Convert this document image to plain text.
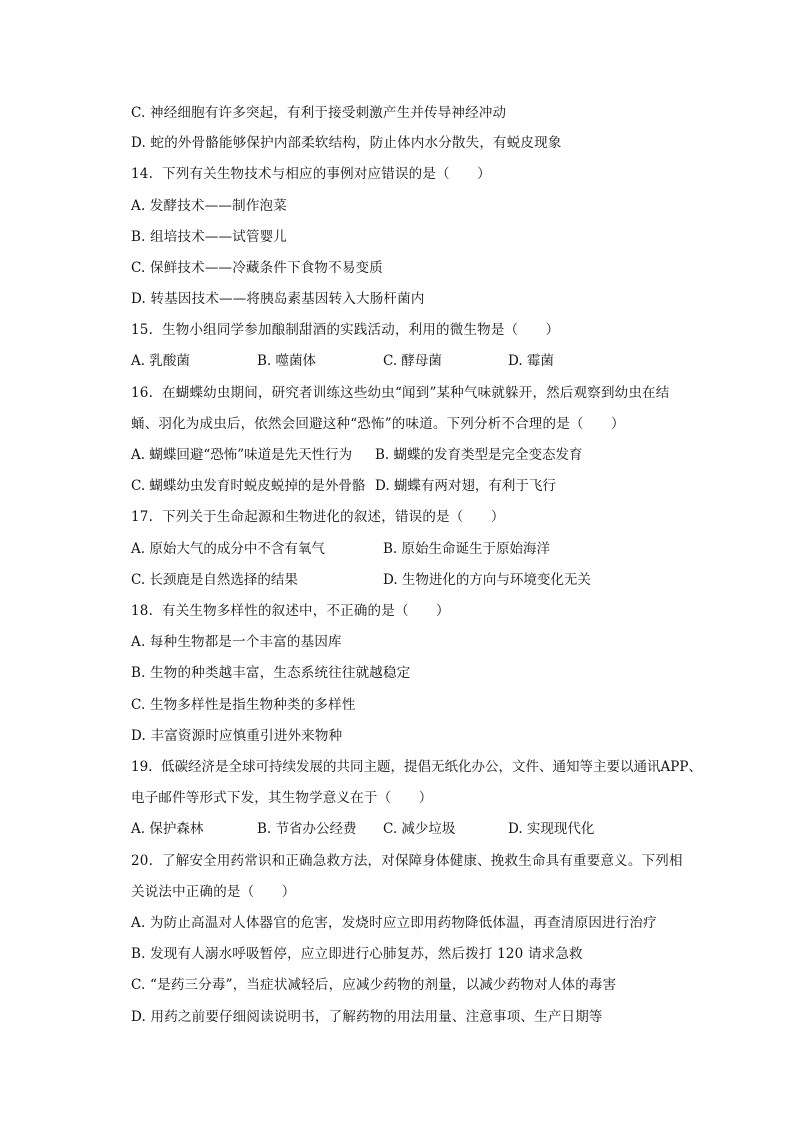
C. 神经细胞有许多突起，有利于接受刺激产生并传导神经冲动
D. 蛇的外骨骼能够保护内部柔软结构，防止体内水分散失，有蜕皮现象
14.  下列有关生物技术与相应的事例对应错误的是（　　）
A. 发酵技术——制作泡菜
B. 组培技术——试管婴儿
C. 保鲜技术——冷藏条件下食物不易变质
D. 转基因技术——将胰岛素基因转入大肠杆菌内
15.  生物小组同学参加酿制甜酒的实践活动，利用的微生物是（　　）
A. 乳酸菌	B. 噬菌体	C. 酵母菌	D. 霉菌
16.  在蝴蝶幼虫期间，研究者训练这些幼虫“闻到”某种气味就躲开，然后观察到幼虫在结
蛹、羽化为成虫后，依然会回避这种“恐怖”的味道。下列分析不合理的是（　　）
A. 蝴蝶回避“恐怖”味道是先天性行为 B. 蝴蝶的发育类型是完全变态发育
C. 蝴蝶幼虫发育时蜕皮蜕掉的是外骨骼 D. 蝴蝶有两对翅，有利于飞行
17.  下列关于生命起源和生物进化的叙述，错误的是（　　）
A. 原始大气的成分中不含有氧气	B. 原始生命诞生于原始海洋
C. 长颈鹿是自然选择的结果	D. 生物进化的方向与环境变化无关
18.  有关生物多样性的叙述中，不正确的是（　　）
A. 每种生物都是一个丰富的基因库
B. 生物的种类越丰富，生态系统往往就越稳定
C. 生物多样性是指生物种类的多样性
D. 丰富资源时应慎重引进外来物种
19.  低碳经济是全球可持续发展的共同主题，提倡无纸化办公，文件、通知等主要以通讯APP、
电子邮件等形式下发，其生物学意义在于（　　）
A. 保护森林	B. 节省办公经费 C. 减少垃圾	D. 实现现代化
20.  了解安全用药常识和正确急救方法，对保障身体健康、挽救生命具有重要意义。下列相
关说法中正确的是（　　）
A. 为防止高温对人体器官的危害，发烧时应立即用药物降低体温，再查清原因进行治疗
B. 发现有人溺水呼吸暂停，应立即进行心肺复苏，然后拨打 120 请求急救
C. “是药三分毒”，当症状减轻后，应减少药物的剂量，以减少药物对人体的毒害
D. 用药之前要仔细阅读说明书，了解药物的用法用量、注意事项、生产日期等
